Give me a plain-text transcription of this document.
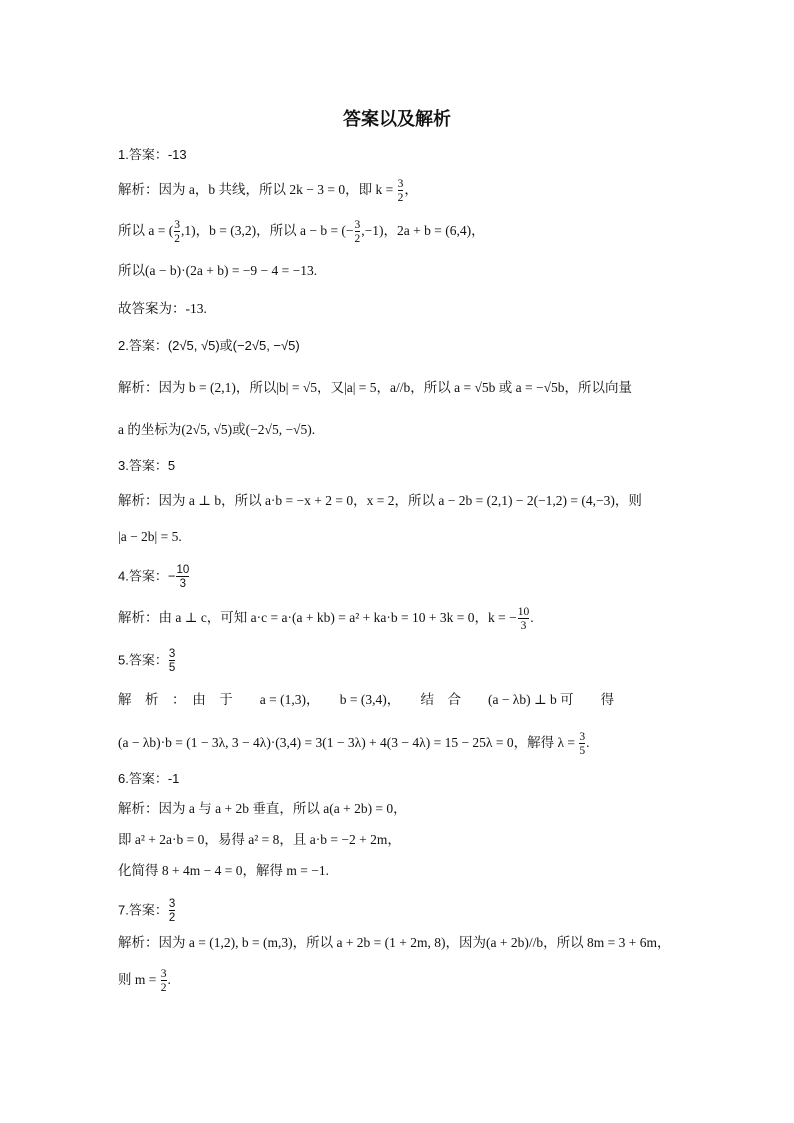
答案以及解析
1.答案：-13
解析：因为 a，b 共线，所以 2k − 3 = 0，即 $k = \frac{3}{2}$ ，
所以 a = ( $\frac{3}{2} ,1$)，b = (3,2)，所以 a − b = (− $\frac{3}{2} ,-1$)，2a + b = (6,4)，
所以(a − b)·(2a + b) = −9 − 4 = −13.
故答案为：-13.
2.答案：(2√5, √5)或(−2√5, −√5)
解析：因为 b = (2,1)，所以|b| = √5，又|a| = 5，a//b，所以 a = √5b 或 a = −√5b，所以向量
a 的坐标为(2√5, √5)或(−2√5, −√5).
3.答案：5
解析：因为 a ⊥ b，所以 a·b = −x + 2 = 0，x = 2，所以 a − 2b = (2,1) − 2(−1,2) = (4,−3)，则
|a − 2b| = 5.
4.答案：− $\frac{10}{3}$
解析：由 a ⊥ c，可知 a·c = a·(a + kb) = a² + ka·b = 10 + 3k = 0，k = − $\frac{10}{3}$ .
5.答案： $\frac{3}{5}$
解　析　：　由　于　　a = (1,3)，　　b = (3,4)，　　结　合　　(a − λb) ⊥ b 可　　得
(a − λb)·b = (1 − 3λ, 3 − 4λ)·(3,4) = 3(1 − 3λ) + 4(3 − 4λ) = 15 − 25λ = 0，解得 $\lambda = \frac{3}{5}$ .
6.答案：-1
解析：因为 a 与 a + 2b 垂直，所以 a(a + 2b) = 0，
即 a² + 2a·b = 0，易得 a² = 8，且 a·b = −2 + 2m，
化简得 8 + 4m − 4 = 0，解得 m = −1.
7.答案： $\frac{3}{2}$
解析：因为 a = (1,2), b = (m,3)，所以 a + 2b = (1 + 2m, 8)，因为(a + 2b)//b，所以 8m = 3 + 6m，
则 $m = \frac{3}{2}$ .
